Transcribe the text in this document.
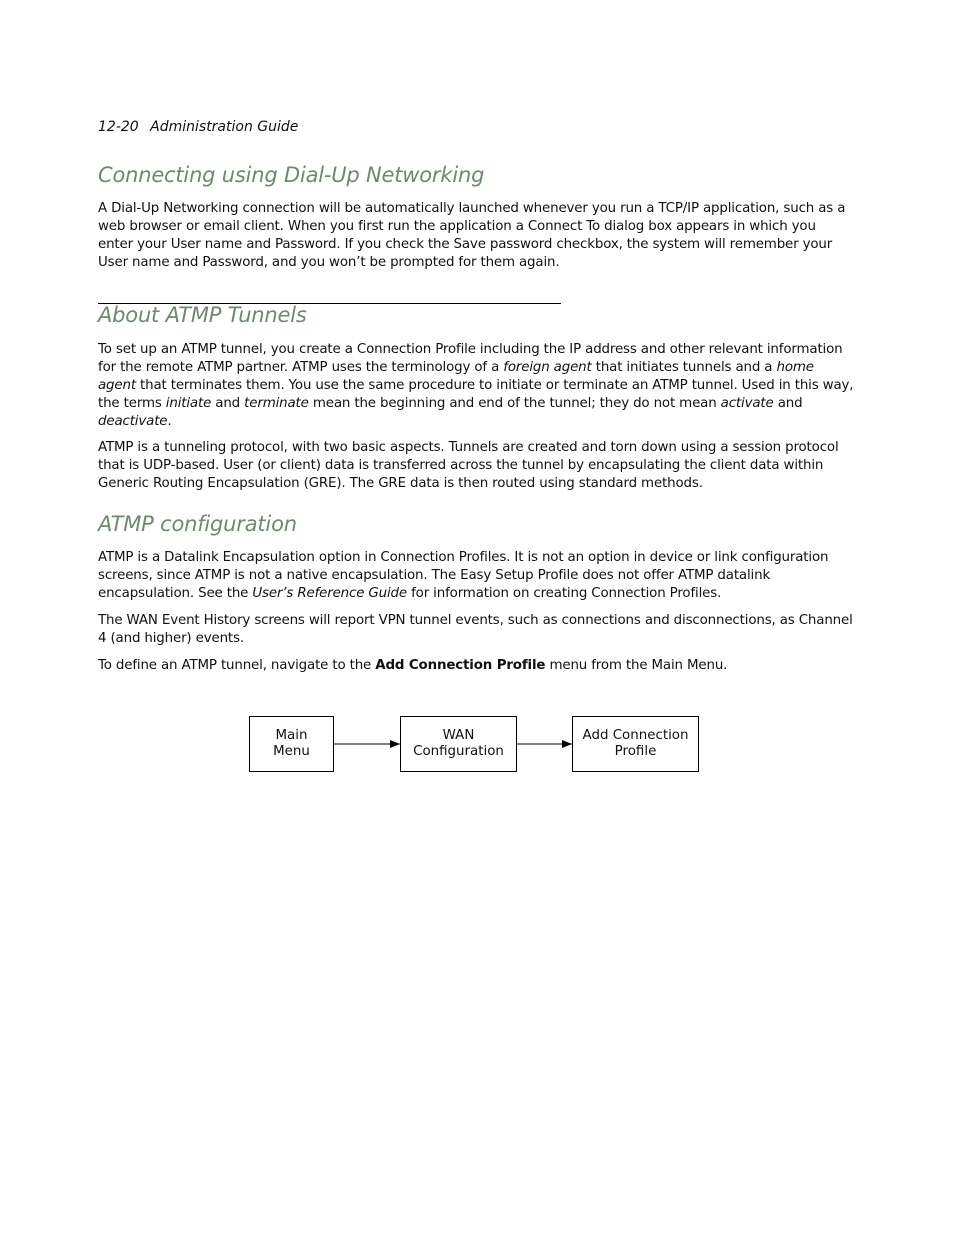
12-20 Administration Guide
Connecting using Dial-Up Networking

A Dial-Up Networking connection will be automatically launched whenever you run a TCP/IP application, such as a web browser or email client. When you first run the application a Connect To dialog box appears in which you enter your User name and Password. If you check the Save password checkbox, the system will remember your User name and Password, and you won’t be prompted for them again.

About ATMP Tunnels

To set up an ATMP tunnel, you create a Connection Profile including the IP address and other relevant information for the remote ATMP partner. ATMP uses the terminology of a foreign agent that initiates tunnels and a home agent that terminates them. You use the same procedure to initiate or terminate an ATMP tunnel. Used in this way, the terms initiate and terminate mean the beginning and end of the tunnel; they do not mean activate and deactivate.

ATMP is a tunneling protocol, with two basic aspects. Tunnels are created and torn down using a session protocol that is UDP-based. User (or client) data is transferred across the tunnel by encapsulating the client data within Generic Routing Encapsulation (GRE). The GRE data is then routed using standard methods.

ATMP configuration

ATMP is a Datalink Encapsulation option in Connection Profiles. It is not an option in device or link configuration screens, since ATMP is not a native encapsulation. The Easy Setup Profile does not offer ATMP datalink encapsulation. See the User’s Reference Guide for information on creating Connection Profiles.

The WAN Event History screens will report VPN tunnel events, such as connections and disconnections, as Channel 4 (and higher) events.

To define an ATMP tunnel, navigate to the Add Connection Profile menu from the Main Menu.

Main
Menu
WAN
Configuration
Add Connection
Profile
